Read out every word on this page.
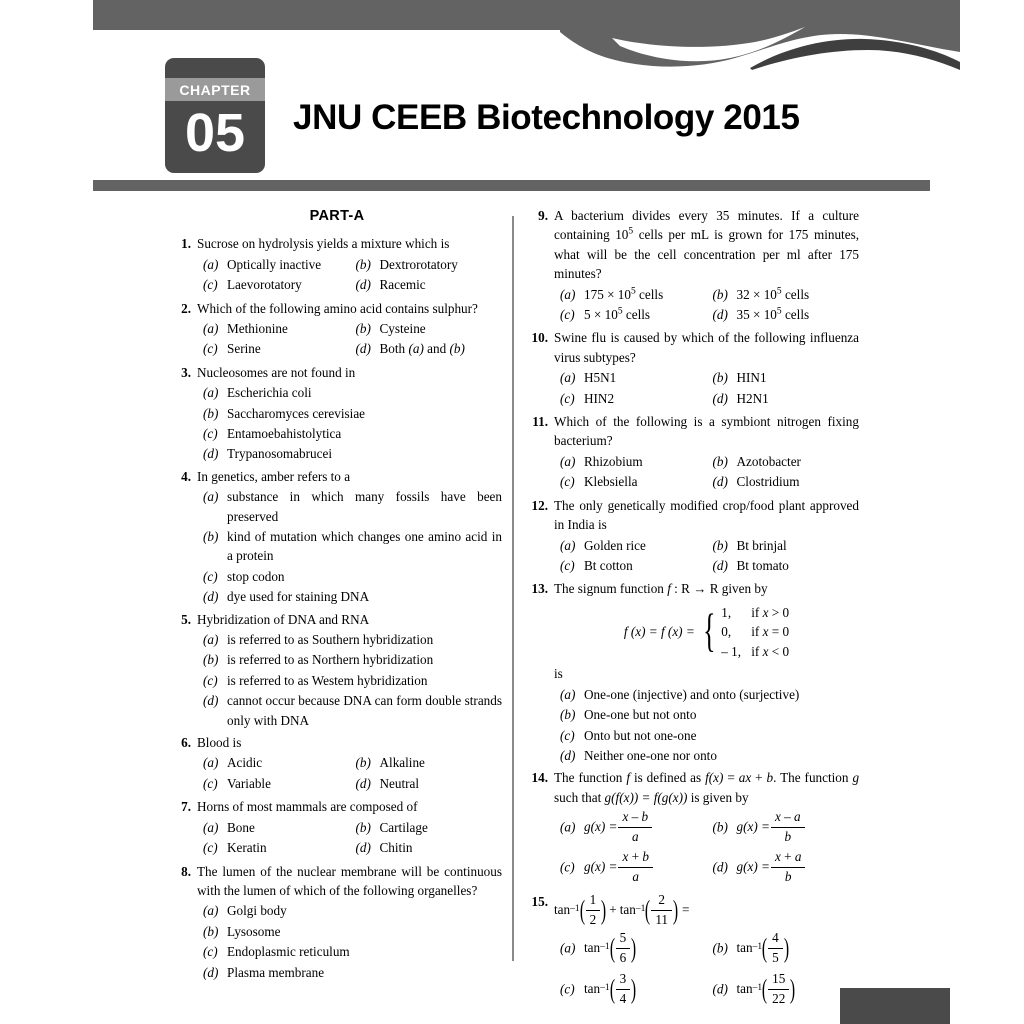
CHAPTER
05	JNU CEEB Biotechnology 2015
PART-A
1. Sucrose on hydrolysis yields a mixture which is
(a) Optically inactive	(b) Dextrorotatory
(c) Laevorotatory	(d) Racemic
2. Which of the following amino acid contains sulphur?
(a) Methionine	(b) Cysteine
(c) Serine	(d) Both (a) and (b)
3. Nucleosomes are not found in
(a) Escherichia coli
(b) Saccharomyces cerevisiae
(c) Entamoebahistolytica
(d) Trypanosomabrucei
4. In genetics, amber refers to a
(a) substance in which many fossils have been preserved
(b) kind of mutation which changes one amino acid in a protein
(c) stop codon
(d) dye used for staining DNA
5. Hybridization of DNA and RNA
(a) is referred to as Southern hybridization
(b) is referred to as Northern hybridization
(c) is referred to as Westem hybridization
(d) cannot occur because DNA can form double strands only with DNA
6. Blood is
(a) Acidic	(b) Alkaline
(c) Variable	(d) Neutral
7. Horns of most mammals are composed of
(a) Bone	(b) Cartilage
(c) Keratin	(d) Chitin
8. The lumen of the nuclear membrane will be continuous with the lumen of which of the following organelles?
(a) Golgi body
(b) Lysosome
(c) Endoplasmic reticulum
(d) Plasma membrane
9. A bacterium divides every 35 minutes. If a culture containing $10^5$ cells per mL is grown for 175 minutes, what will be the cell concentration per ml after 175 minutes?
(a) $175 \times 10^5$ cells	(b) $32 \times 10^5$ cells
(c) $5 \times 10^5$ cells	(d) $35 \times 10^5$ cells
10. Swine flu is caused by which of the following influenza virus subtypes?
(a) H5N1	(b) HIN1
(c) HIN2	(d) H2N1
11. Which of the following is a symbiont nitrogen fixing bacterium?
(a) Rhizobium	(b) Azotobacter
(c) Klebsiella	(d) Clostridium
12. The only genetically modified crop/food plant approved in India is
(a) Golden rice	(b) Bt brinjal
(c) Bt cotton	(d) Bt tomato
13. The signum function f : R → R given by
f (x) = f (x) = { 1,	if x > 0
0,	if x = 0
– 1, if x < 0
is
(a) One-one (injective) and onto (surjective)
(b) One-one but not onto
(c) Onto but not one-one
(d) Neither one-one nor onto
14. The function f is defined as f(x) = ax + b. The function g such that g(f(x)) = f(g(x)) is given by
(a) $g(x) = \frac{x - b}{a}$	(b) $g(x) = \frac{x - a}{b}$
(c) $g(x) = \frac{x + b}{a}$	(d) $g(x) = \frac{x + a}{b}$
15.
tan –1 ( $\frac{1}{2}$ ) + tan –1 ( $\frac{2}{11}$ ) =
(a) tan –1 ( $\frac{5}{6}$ )	(b) tan –1 ( $\frac{4}{5}$ )
(c) tan –1 ( $\frac{3}{4}$ )	(d) tan –1 ( $\frac{15}{22}$ )
